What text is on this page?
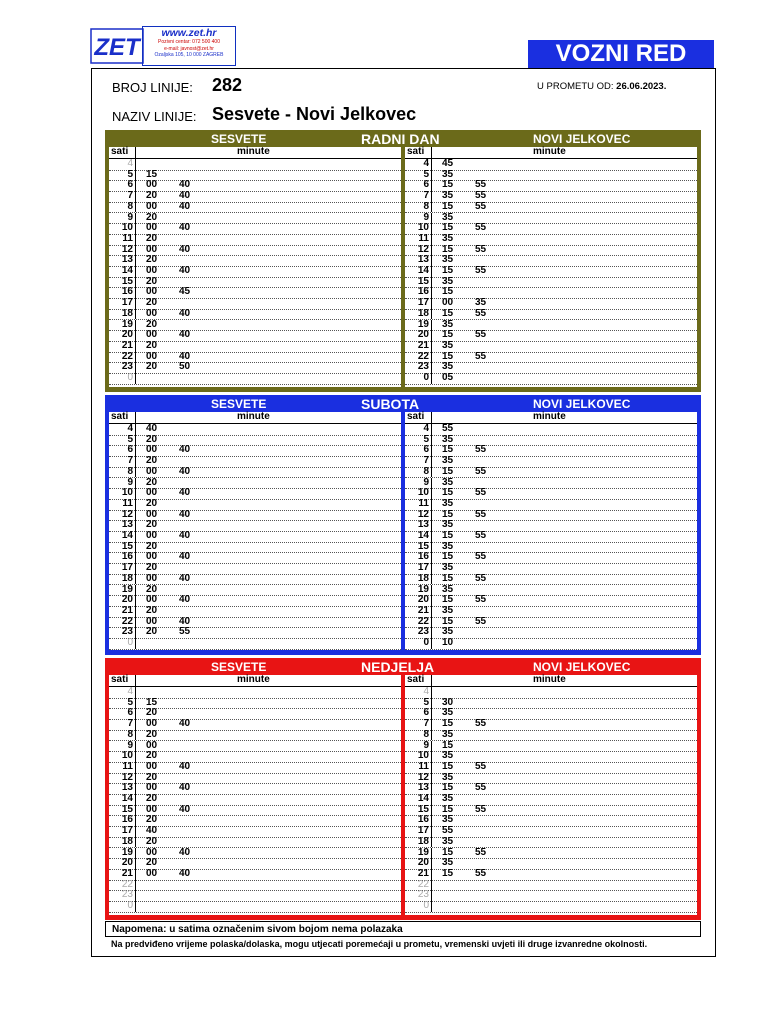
ZET
www.zet.hr
Pozivni centar: 072 500 400
e-mail: javnost@zet.hr
Ozaljska 105, 10 000 ZAGREB	VOZNI RED
BROJ LINIJE: 282
NAZIV LINIJE: Sesvete - Novi Jelkovec
U PROMETU OD: 26.06.2023.
SESVETE	RADNI DAN	NOVI JELKOVEC
sati	minute
4
5 15
6 00 40
7 20 40
8 00 40
9 20
10 00 40
11 20
12 00 40
13 20
14 00 40
15 20
16 00 45
17 20
18 00 40
19 20
20 00 40
21 20
22 00 40
23 20 50
0
sati	minute
4 45
5 35
6 15 55
7 35 55
8 15 55
9 35
10 15 55
11 35
12 15 55
13 35
14 15 55
15 35
16 15
17 00 35
18 15 55
19 35
20 15 55
21 35
22 15 55
23 35
0 05
SESVETE	SUBOTA	NOVI JELKOVEC
sati	minute
4 40
5 20
6 00 40
7 20
8 00 40
9 20
10 00 40
11 20
12 00 40
13 20
14 00 40
15 20
16 00 40
17 20
18 00 40
19 20
20 00 40
21 20
22 00 40
23 20 55
0
sati	minute
4 55
5 35
6 15 55
7 35
8 15 55
9 35
10 15 55
11 35
12 15 55
13 35
14 15 55
15 35
16 15 55
17 35
18 15 55
19 35
20 15 55
21 35
22 15 55
23 35
0 10
SESVETE	NEDJELJA	NOVI JELKOVEC
sati	minute
4
5 15
6 20
7 00 40
8 20
9 00
10 20
11 00 40
12 20
13 00 40
14 20
15 00 40
16 20
17 40
18 20
19 00 40
20 20
21 00 40
22
23
0
sati	minute
4
5 30
6 35
7 15 55
8 35
9 15
10 35
11 15 55
12 35
13 15 55
14 35
15 15 55
16 35
17 55
18 35
19 15 55
20 35
21 15 55
22
23
0
Napomena: u satima označenim sivom bojom nema polazaka
Na predviđeno vrijeme polaska/dolaska, mogu utjecati poremećaji u prometu, vremenski uvjeti ili druge izvanredne okolnosti.
